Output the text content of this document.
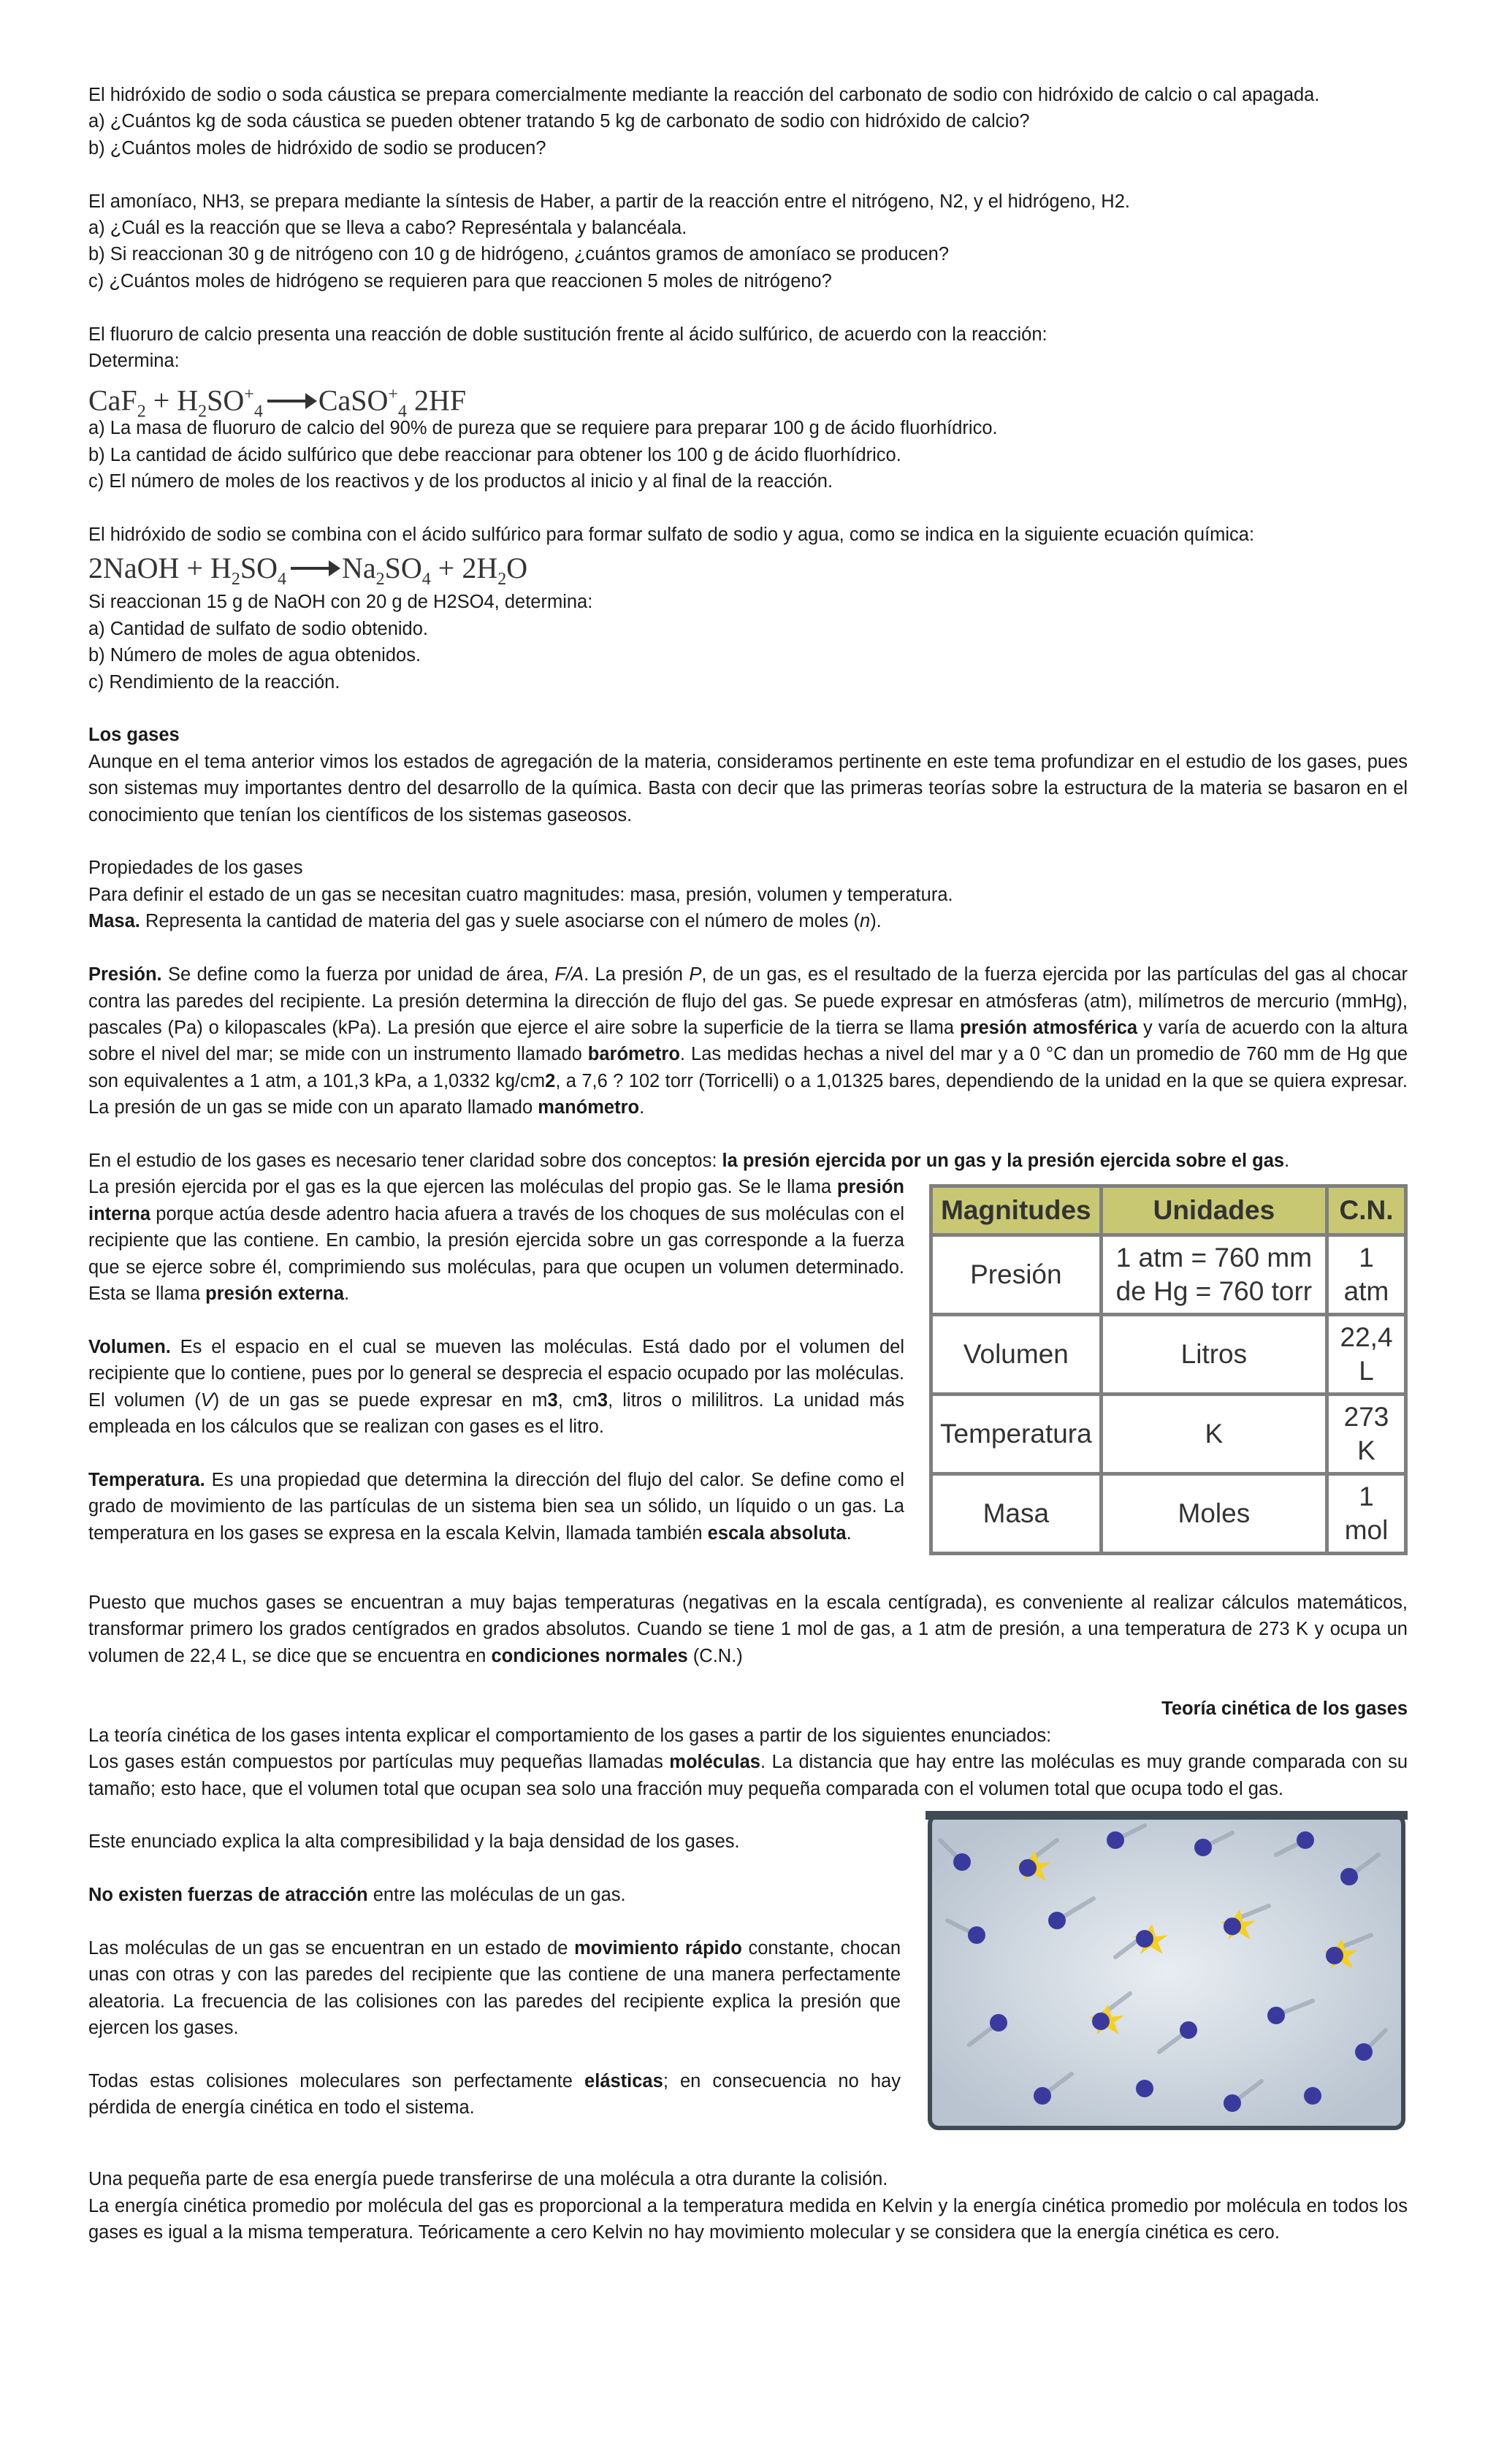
El hidróxido de sodio o soda cáustica se prepara comercialmente mediante la reacción del carbonato de sodio con hidróxido de calcio o cal apagada.

a) ¿Cuántos kg de soda cáustica se pueden obtener tratando 5 kg de carbonato de sodio con hidróxido de calcio?

b) ¿Cuántos moles de hidróxido de sodio se producen?

El amoníaco, NH3, se prepara mediante la síntesis de Haber, a partir de la reacción entre el nitrógeno, N2, y el hidrógeno, H2.

a) ¿Cuál es la reacción que se lleva a cabo? Represéntala y balancéala.

b) Si reaccionan 30 g de nitrógeno con 10 g de hidrógeno, ¿cuántos gramos de amoníaco se producen?

c) ¿Cuántos moles de hidrógeno se requieren para que reaccionen 5 moles de nitrógeno?

El fluoruro de calcio presenta una reacción de doble sustitución frente al ácido sulfúrico, de acuerdo con la reacción:

Determina:

$CaF_2 + H_2SO^+_4$ → CaSO+$_4$ 2HF

a) La masa de fluoruro de calcio del 90% de pureza que se requiere para preparar 100 g de ácido fluorhídrico.

b) La cantidad de ácido sulfúrico que debe reaccionar para obtener los 100 g de ácido fluorhídrico.

c) El número de moles de los reactivos y de los productos al inicio y al final de la reacción.

El hidróxido de sodio se combina con el ácido sulfúrico para formar sulfato de sodio y agua, como se indica en la siguiente ecuación química:

2NaOH + $H_2SO_4 \to Na_2SO_4 + 2H_2O$

Si reaccionan 15 g de NaOH con 20 g de H2SO4, determina:

a) Cantidad de sulfato de sodio obtenido.

b) Número de moles de agua obtenidos.

c) Rendimiento de la reacción.

Los gases

Aunque en el tema anterior vimos los estados de agregación de la materia, consideramos pertinente en este tema profundizar en el estudio de los gases, pues son sistemas muy importantes dentro del desarrollo de la química. Basta con decir que las primeras teorías sobre la estructura de la materia se basaron en el conocimiento que tenían los científicos de los sistemas gaseosos.

Propiedades de los gases

Para definir el estado de un gas se necesitan cuatro magnitudes: masa, presión, volumen y temperatura.

Masa. Representa la cantidad de materia del gas y suele asociarse con el número de moles (n).

Presión. Se define como la fuerza por unidad de área, F/A. La presión P, de un gas, es el resultado de la fuerza ejercida por las partículas del gas al chocar contra las paredes del recipiente. La presión determina la dirección de flujo del gas. Se puede expresar en atmósferas (atm), milímetros de mercurio (mmHg), pascales (Pa) o kilopascales (kPa). La presión que ejerce el aire sobre la superficie de la tierra se llama presión atmosférica y varía de acuerdo con la altura sobre el nivel del mar; se mide con un instrumento llamado barómetro. Las medidas hechas a nivel del mar y a 0 °C dan un promedio de 760 mm de Hg que son equivalentes a 1 atm, a 101,3 kPa, a 1,0332 kg/cm2, a 7,6 ? 102 torr (Torricelli) o a 1,01325 bares, dependiendo de la unidad en la que se quiera expresar. La presión de un gas se mide con un aparato llamado manómetro.

En el estudio de los gases es necesario tener claridad sobre dos conceptos: la presión ejercida por un gas y la presión ejercida sobre el gas.

Magnitudes	Unidades	C.N.
Presión	1 atm = 760 mm de Hg = 760 torr	1 atm
Volumen	Litros	22,4 L
Temperatura	K	273 K
Masa	Moles	1 mol

La presión ejercida por el gas es la que ejercen las moléculas del propio gas. Se le llama presión interna porque actúa desde adentro hacia afuera a través de los choques de sus moléculas con el recipiente que las contiene. En cambio, la presión ejercida sobre un gas corresponde a la fuerza que se ejerce sobre él, comprimiendo sus moléculas, para que ocupen un volumen determinado. Esta se llama presión externa.

Volumen. Es el espacio en el cual se mueven las moléculas. Está dado por el volumen del recipiente que lo contiene, pues por lo general se desprecia el espacio ocupado por las moléculas. El volumen (V) de un gas se puede expresar en m3, cm3, litros o mililitros. La unidad más empleada en los cálculos que se realizan con gases es el litro.

Temperatura. Es una propiedad que determina la dirección del flujo del calor. Se define como el grado de movimiento de las partículas de un sistema bien sea un sólido, un líquido o un gas. La temperatura en los gases se expresa en la escala Kelvin, llamada también escala absoluta.

Puesto que muchos gases se encuentran a muy bajas temperaturas (negativas en la escala centígrada), es conveniente al realizar cálculos matemáticos, transformar primero los grados centígrados en grados absolutos. Cuando se tiene 1 mol de gas, a 1 atm de presión, a una temperatura de 273 K y ocupa un volumen de 22,4 L, se dice que se encuentra en condiciones normales (C.N.)

Teoría cinética de los gases

La teoría cinética de los gases intenta explicar el comportamiento de los gases a partir de los siguientes enunciados:

Los gases están compuestos por partículas muy pequeñas llamadas moléculas. La distancia que hay entre las moléculas es muy grande comparada con su tamaño; esto hace, que el volumen total que ocupan sea solo una fracción muy pequeña comparada con el volumen total que ocupa todo el gas.

Este enunciado explica la alta compresibilidad y la baja densidad de los gases.

No existen fuerzas de atracción entre las moléculas de un gas.

Las moléculas de un gas se encuentran en un estado de movimiento rápido constante, chocan unas con otras y con las paredes del recipiente que las contiene de una manera perfectamente aleatoria. La frecuencia de las colisiones con las paredes del recipiente explica la presión que ejercen los gases.

Todas estas colisiones moleculares son perfectamente elásticas; en consecuencia no hay pérdida de energía cinética en todo el sistema.

Una pequeña parte de esa energía puede transferirse de una molécula a otra durante la colisión.

La energía cinética promedio por molécula del gas es proporcional a la temperatura medida en Kelvin y la energía cinética promedio por molécula en todos los gases es igual a la misma temperatura. Teóricamente a cero Kelvin no hay movimiento molecular y se considera que la energía cinética es cero.
